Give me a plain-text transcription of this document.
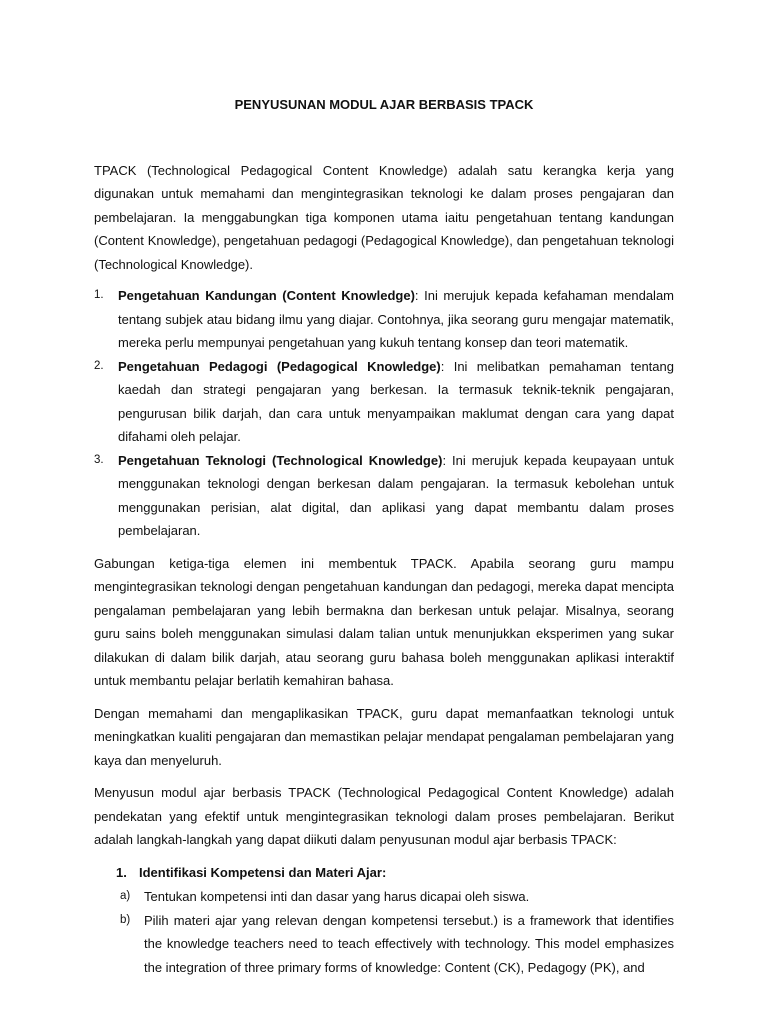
PENYUSUNAN MODUL AJAR BERBASIS TPACK

TPACK (Technological Pedagogical Content Knowledge) adalah satu kerangka kerja yang digunakan untuk memahami dan mengintegrasikan teknologi ke dalam proses pengajaran dan pembelajaran. Ia menggabungkan tiga komponen utama iaitu pengetahuan tentang kandungan (Content Knowledge), pengetahuan pedagogi (Pedagogical Knowledge), dan pengetahuan teknologi (Technological Knowledge).

1. Pengetahuan Kandungan (Content Knowledge): Ini merujuk kepada kefahaman mendalam tentang subjek atau bidang ilmu yang diajar. Contohnya, jika seorang guru mengajar matematik, mereka perlu mempunyai pengetahuan yang kukuh tentang konsep dan teori matematik.
2. Pengetahuan Pedagogi (Pedagogical Knowledge): Ini melibatkan pemahaman tentang kaedah dan strategi pengajaran yang berkesan. Ia termasuk teknik-teknik pengajaran, pengurusan bilik darjah, dan cara untuk menyampaikan maklumat dengan cara yang dapat difahami oleh pelajar.
3. Pengetahuan Teknologi (Technological Knowledge): Ini merujuk kepada keupayaan untuk menggunakan teknologi dengan berkesan dalam pengajaran. Ia termasuk kebolehan untuk menggunakan perisian, alat digital, dan aplikasi yang dapat membantu dalam proses pembelajaran.

Gabungan ketiga-tiga elemen ini membentuk TPACK. Apabila seorang guru mampu mengintegrasikan teknologi dengan pengetahuan kandungan dan pedagogi, mereka dapat mencipta pengalaman pembelajaran yang lebih bermakna dan berkesan untuk pelajar. Misalnya, seorang guru sains boleh menggunakan simulasi dalam talian untuk menunjukkan eksperimen yang sukar dilakukan di dalam bilik darjah, atau seorang guru bahasa boleh menggunakan aplikasi interaktif untuk membantu pelajar berlatih kemahiran bahasa.

Dengan memahami dan mengaplikasikan TPACK, guru dapat memanfaatkan teknologi untuk meningkatkan kualiti pengajaran dan memastikan pelajar mendapat pengalaman pembelajaran yang kaya dan menyeluruh.

Menyusun modul ajar berbasis TPACK (Technological Pedagogical Content Knowledge) adalah pendekatan yang efektif untuk mengintegrasikan teknologi dalam proses pembelajaran. Berikut adalah langkah-langkah yang dapat diikuti dalam penyusunan modul ajar berbasis TPACK:

1. Identifikasi Kompetensi dan Materi Ajar:
a) Tentukan kompetensi inti dan dasar yang harus dicapai oleh siswa.
b) Pilih materi ajar yang relevan dengan kompetensi tersebut.) is a framework that identifies the knowledge teachers need to teach effectively with technology. This model emphasizes the integration of three primary forms of knowledge: Content (CK), Pedagogy (PK), and
